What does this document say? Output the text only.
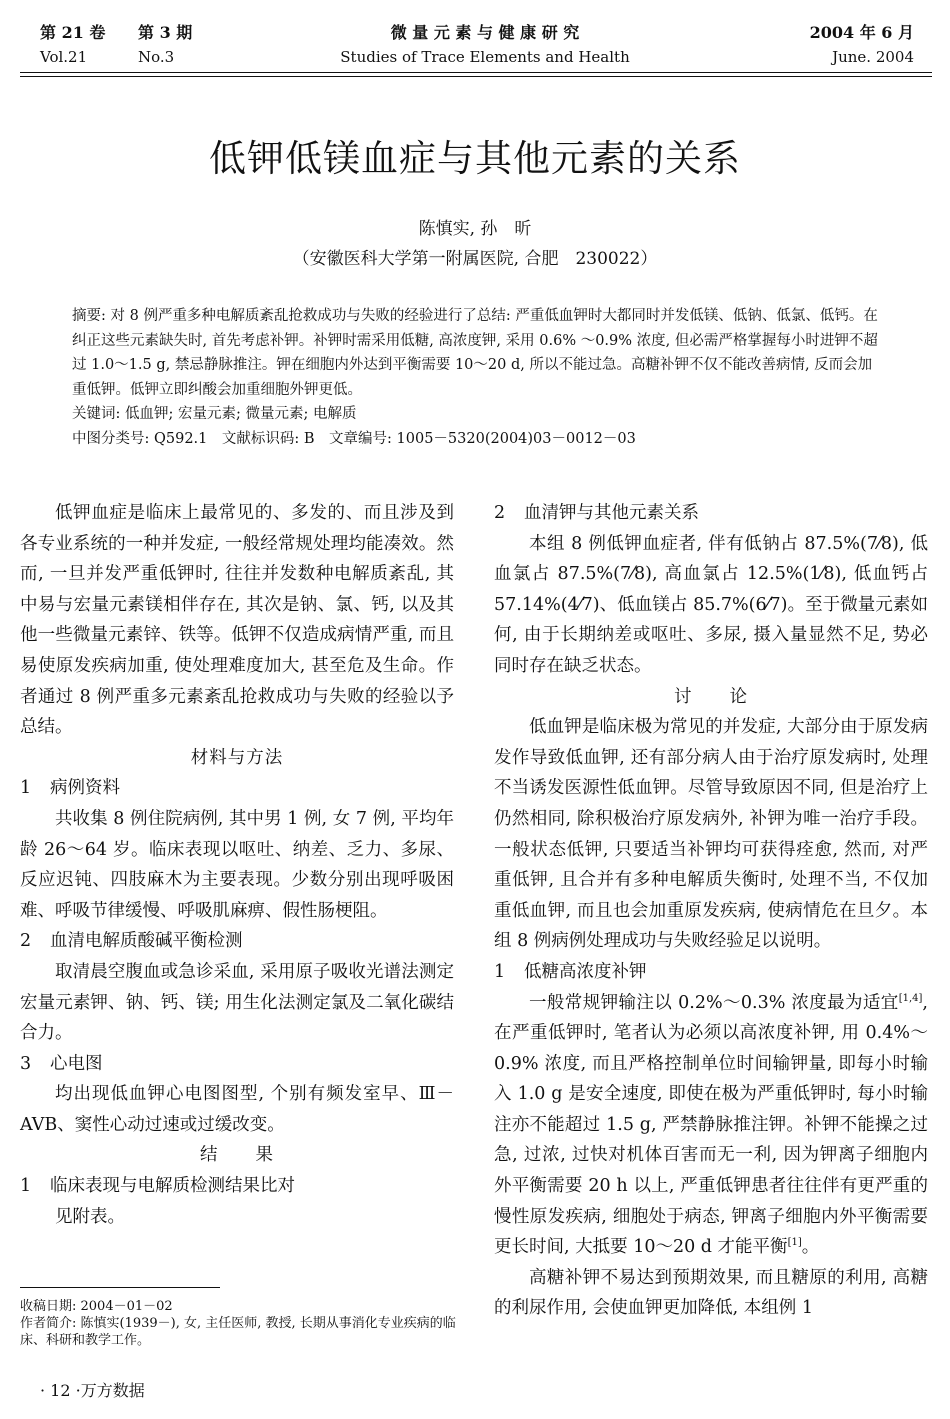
第 21 卷
Vol.21
第 3 期
No.3
微 量 元 素 与 健 康 研 究
Studies of Trace Elements and Health
2004 年 6 月
June. 2004
低钾低镁血症与其他元素的关系
陈慎实, 孙　昕
（安徽医科大学第一附属医院, 合肥　230022）

摘要: 对 8 例严重多种电解质紊乱抢救成功与失败的经验进行了总结: 严重低血钾时大都同时并发低镁、低钠、低氯、低钙。在纠正这些元素缺失时, 首先考虑补钾。补钾时需采用低糖, 高浓度钾, 采用 0.6% ～0.9% 浓度, 但必需严格掌握每小时进钾不超过 1.0～1.5 g, 禁忌静脉推注。钾在细胞内外达到平衡需要 10～20 d, 所以不能过急。高糖补钾不仅不能改善病情, 反而会加重低钾。低钾立即纠酸会加重细胞外钾更低。

关键词: 低血钾; 宏量元素; 微量元素; 电解质

中图分类号: Q592.1　文献标识码: B　文章编号: 1005－5320(2004)03－0012－03

低钾血症是临床上最常见的、多发的、而且涉及到各专业系统的一种并发症, 一般经常规处理均能凑效。然而, 一旦并发严重低钾时, 往往并发数种电解质紊乱, 其中易与宏量元素镁相伴存在, 其次是钠、氯、钙, 以及其他一些微量元素锌、铁等。低钾不仅造成病情严重, 而且易使原发疾病加重, 使处理难度加大, 甚至危及生命。作者通过 8 例严重多元素紊乱抢救成功与失败的经验以予总结。

材料与方法

1 病例资料

共收集 8 例住院病例, 其中男 1 例, 女 7 例, 平均年龄 26～64 岁。临床表现以呕吐、纳差、乏力、多尿、反应迟钝、四肢麻木为主要表现。少数分别出现呼吸困难、呼吸节律缓慢、呼吸肌麻痹、假性肠梗阻。

2 血清电解质酸碱平衡检测

取清晨空腹血或急诊采血, 采用原子吸收光谱法测定宏量元素钾、钠、钙、镁; 用生化法测定氯及二氧化碳结合力。

3 心电图

均出现低血钾心电图图型, 个别有频发室早、Ⅲ－AVB、窦性心动过速或过缓改变。

结　　果

1 临床表现与电解质检测结果比对

见附表。

2 血清钾与其他元素关系

本组 8 例低钾血症者, 伴有低钠占 87.5%(7⁄8), 低血氯占 87.5%(7⁄8), 高血氯占 12.5%(1⁄8), 低血钙占 57.14%(4⁄7)、低血镁占 85.7%(6⁄7)。至于微量元素如何, 由于长期纳差或呕吐、多尿, 摄入量显然不足, 势必同时存在缺乏状态。

讨　　论

低血钾是临床极为常见的并发症, 大部分由于原发病发作导致低血钾, 还有部分病人由于治疗原发病时, 处理不当诱发医源性低血钾。尽管导致原因不同, 但是治疗上仍然相同, 除积极治疗原发病外, 补钾为唯一治疗手段。一般状态低钾, 只要适当补钾均可获得痊愈, 然而, 对严重低钾, 且合并有多种电解质失衡时, 处理不当, 不仅加重低血钾, 而且也会加重原发疾病, 使病情危在旦夕。本组 8 例病例处理成功与失败经验足以说明。

1 低糖高浓度补钾

一般常规钾输注以 0.2%～0.3% 浓度最为适宜[1,4], 在严重低钾时, 笔者认为必须以高浓度补钾, 用 0.4%～0.9% 浓度, 而且严格控制单位时间输钾量, 即每小时输入 1.0 g 是安全速度, 即使在极为严重低钾时, 每小时输注亦不能超过 1.5 g, 严禁静脉推注钾。补钾不能操之过急, 过浓, 过快对机体百害而无一利, 因为钾离子细胞内外平衡需要 20 h 以上, 严重低钾患者往往伴有更严重的慢性原发疾病, 细胞处于病态, 钾离子细胞内外平衡需要更长时间, 大抵要 10～20 d 才能平衡[1]。

高糖补钾不易达到预期效果, 而且糖原的利用, 高糖的利尿作用, 会使血钾更加降低, 本组例 1

收稿日期: 2004－01－02

作者简介: 陈慎实(1939－), 女, 主任医师, 教授, 长期从事消化专业疾病的临床、科研和教学工作。

· 12 ·万方数据
